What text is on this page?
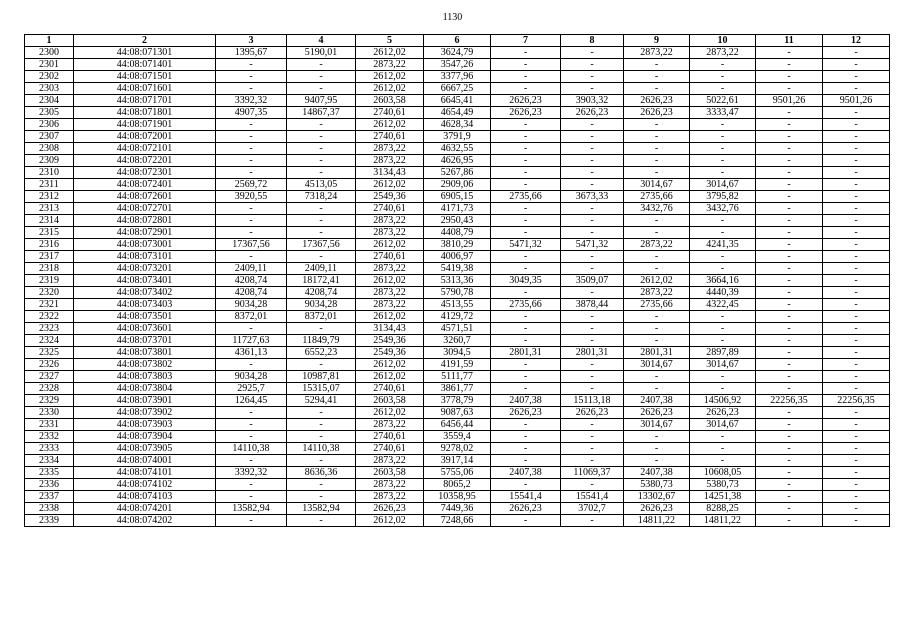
1130
1	2	3	4	5	6	7	8	9	10	11	12
2300	44:08:071301	1395,67	5190,01	2612,02	3624,79	-	-	2873,22	2873,22	-	-
2301	44:08:071401	-	-	2873,22	3547,26	-	-	-	-	-	-
2302	44:08:071501	-	-	2612,02	3377,96	-	-	-	-	-	-
2303	44:08:071601	-	-	2612,02	6667,25	-	-	-	-	-	-
2304	44:08:071701	3392,32	9407,95	2603,58	6645,41	2626,23	3903,32	2626,23	5022,61	9501,26	9501,26
2305	44:08:071801	4907,35	14867,37	2740,61	4654,49	2626,23	2626,23	2626,23	3333,47	-	-
2306	44:08:071901	-	-	2612,02	4628,34	-	-	-	-	-	-
2307	44:08:072001	-	-	2740,61	3791,9	-	-	-	-	-	-
2308	44:08:072101	-	-	2873,22	4632,55	-	-	-	-	-	-
2309	44:08:072201	-	-	2873,22	4626,95	-	-	-	-	-	-
2310	44:08:072301	-	-	3134,43	5267,86	-	-	-	-	-	-
2311	44:08:072401	2569,72	4513,05	2612,02	2909,06	-	-	3014,67	3014,67	-	-
2312	44:08:072601	3920,55	7318,24	2549,36	6905,15	2735,66	3673,33	2735,66	3795,82	-	-
2313	44:08:072701	-	-	2740,61	4171,73	-	-	3432,76	3432,76	-	-
2314	44:08:072801	-	-	2873,22	2950,43	-	-	-	-	-	-
2315	44:08:072901	-	-	2873,22	4408,79	-	-	-	-	-	-
2316	44:08:073001	17367,56	17367,56	2612,02	3810,29	5471,32	5471,32	2873,22	4241,35	-	-
2317	44:08:073101	-	-	2740,61	4006,97	-	-	-	-	-	-
2318	44:08:073201	2409,11	2409,11	2873,22	5419,38	-	-	-	-	-	-
2319	44:08:073401	4208,74	18172,41	2612,02	5313,36	3049,35	3509,07	2612,02	3664,16	-	-
2320	44:08:073402	4208,74	4208,74	2873,22	5790,78	-	-	2873,22	4440,39	-	-
2321	44:08:073403	9034,28	9034,28	2873,22	4513,55	2735,66	3878,44	2735,66	4322,45	-	-
2322	44:08:073501	8372,01	8372,01	2612,02	4129,72	-	-	-	-	-	-
2323	44:08:073601	-	-	3134,43	4571,51	-	-	-	-	-	-
2324	44:08:073701	11727,63	11849,79	2549,36	3260,7	-	-	-	-	-	-
2325	44:08:073801	4361,13	6552,23	2549,36	3094,5	2801,31	2801,31	2801,31	2897,89	-	-
2326	44:08:073802	-	-	2612,02	4191,59	-	-	3014,67	3014,67	-	-
2327	44:08:073803	9034,28	10987,81	2612,02	5111,77	-	-	-	-	-	-
2328	44:08:073804	2925,7	15315,07	2740,61	3861,77	-	-	-	-	-	-
2329	44:08:073901	1264,45	5294,41	2603,58	3778,79	2407,38	15113,18	2407,38	14506,92	22256,35	22256,35
2330	44:08:073902	-	-	2612,02	9087,63	2626,23	2626,23	2626,23	2626,23	-	-
2331	44:08:073903	-	-	2873,22	6456,44	-	-	3014,67	3014,67	-	-
2332	44:08:073904	-	-	2740,61	3559,4	-	-	-	-	-	-
2333	44:08:073905	14110,38	14110,38	2740,61	9278,02	-	-	-	-	-	-
2334	44:08:074001	-	-	2873,22	3917,14	-	-	-	-	-	-
2335	44:08:074101	3392,32	8636,36	2603,58	5755,06	2407,38	11069,37	2407,38	10608,05	-	-
2336	44:08:074102	-	-	2873,22	8065,2	-	-	5380,73	5380,73	-	-
2337	44:08:074103	-	-	2873,22	10358,95	15541,4	15541,4	13302,67	14251,38	-	-
2338	44:08:074201	13582,94	13582,94	2626,23	7449,36	2626,23	3702,7	2626,23	8288,25	-	-
2339	44:08:074202	-	-	2612,02	7248,66	-	-	14811,22	14811,22	-	-
